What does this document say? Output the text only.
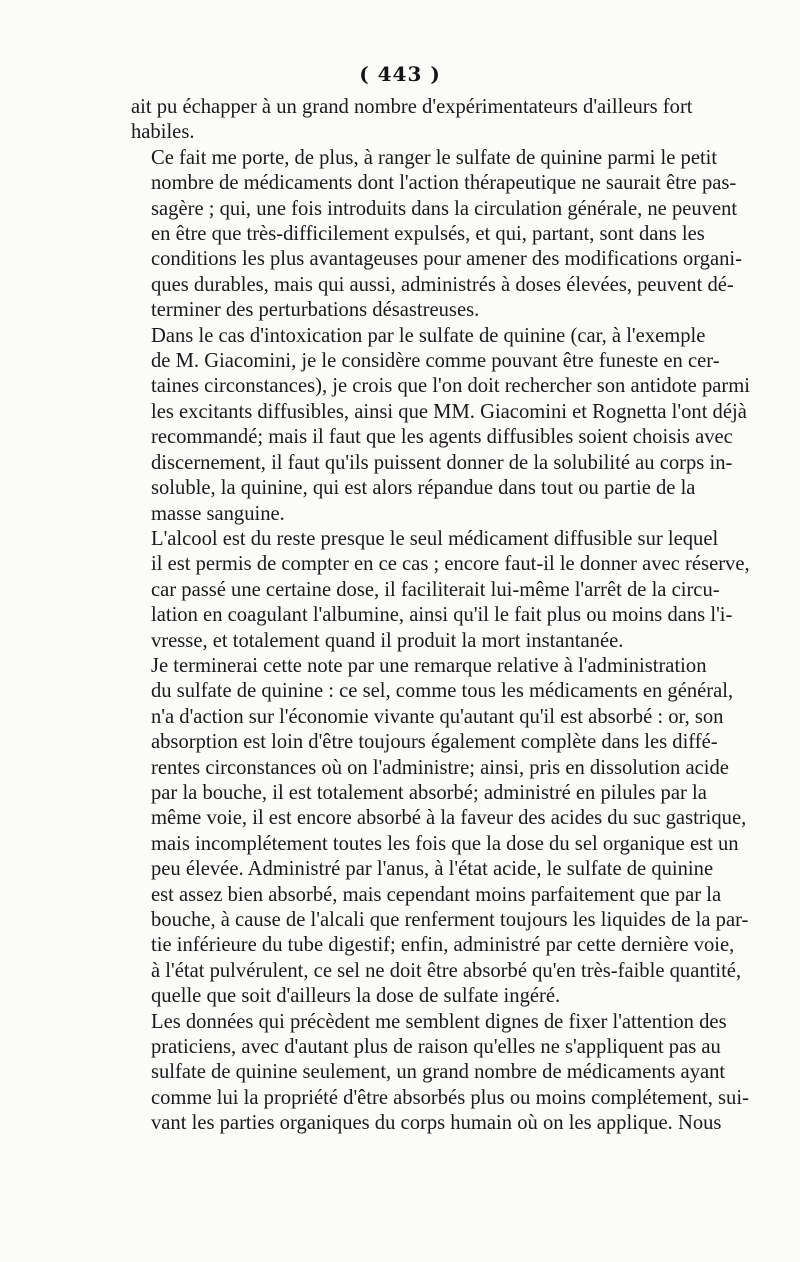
( 443 )

ait pu échapper à un grand nombre d'expérimentateurs d'ailleurs fort
habiles.

Ce fait me porte, de plus, à ranger le sulfate de quinine parmi le petit
nombre de médicaments dont l'action thérapeutique ne saurait être pas-
sagère ; qui, une fois introduits dans la circulation générale, ne peuvent
en être que très-difficilement expulsés, et qui, partant, sont dans les
conditions les plus avantageuses pour amener des modifications organi-
ques durables, mais qui aussi, administrés à doses élevées, peuvent dé-
terminer des perturbations désastreuses.

Dans le cas d'intoxication par le sulfate de quinine (car, à l'exemple
de M. Giacomini, je le considère comme pouvant être funeste en cer-
taines circonstances), je crois que l'on doit rechercher son antidote parmi
les excitants diffusibles, ainsi que MM. Giacomini et Rognetta l'ont déjà
recommandé; mais il faut que les agents diffusibles soient choisis avec
discernement, il faut qu'ils puissent donner de la solubilité au corps in-
soluble, la quinine, qui est alors répandue dans tout ou partie de la
masse sanguine.

L'alcool est du reste presque le seul médicament diffusible sur lequel
il est permis de compter en ce cas ; encore faut-il le donner avec réserve,
car passé une certaine dose, il faciliterait lui-même l'arrêt de la circu-
lation en coagulant l'albumine, ainsi qu'il le fait plus ou moins dans l'i-
vresse, et totalement quand il produit la mort instantanée.

Je terminerai cette note par une remarque relative à l'administration
du sulfate de quinine : ce sel, comme tous les médicaments en général,
n'a d'action sur l'économie vivante qu'autant qu'il est absorbé : or, son
absorption est loin d'être toujours également complète dans les diffé-
rentes circonstances où on l'administre; ainsi, pris en dissolution acide
par la bouche, il est totalement absorbé; administré en pilules par la
même voie, il est encore absorbé à la faveur des acides du suc gastrique,
mais incomplétement toutes les fois que la dose du sel organique est un
peu élevée. Administré par l'anus, à l'état acide, le sulfate de quinine
est assez bien absorbé, mais cependant moins parfaitement que par la
bouche, à cause de l'alcali que renferment toujours les liquides de la par-
tie inférieure du tube digestif; enfin, administré par cette dernière voie,
à l'état pulvérulent, ce sel ne doit être absorbé qu'en très-faible quantité,
quelle que soit d'ailleurs la dose de sulfate ingéré.

Les données qui précèdent me semblent dignes de fixer l'attention des
praticiens, avec d'autant plus de raison qu'elles ne s'appliquent pas au
sulfate de quinine seulement, un grand nombre de médicaments ayant
comme lui la propriété d'être absorbés plus ou moins complétement, sui-
vant les parties organiques du corps humain où on les applique. Nous
